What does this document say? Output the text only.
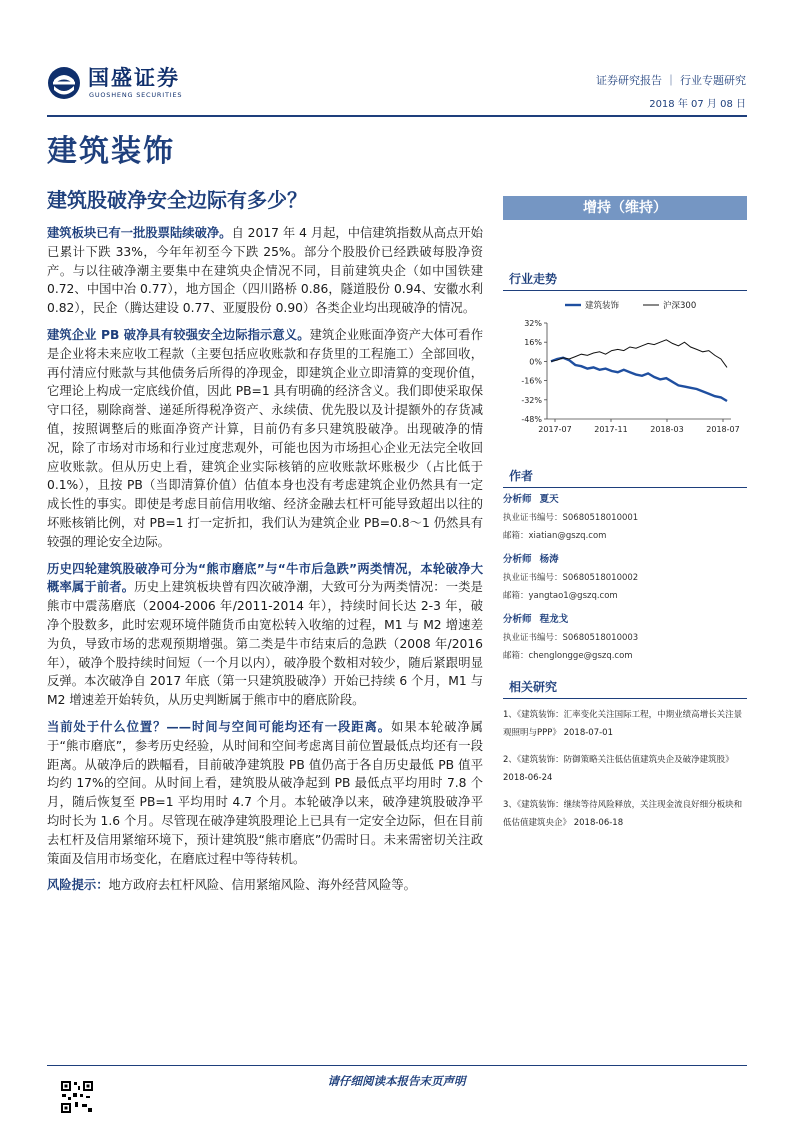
国盛证券
GUOSHENG SECURITIES
证券研究报告 ｜ 行业专题研究
2018 年 07 月 08 日
建筑装饰
建筑股破净安全边际有多少？

建筑板块已有一批股票陆续破净。自 2017 年 4 月起，中信建筑指数从高点开始已累计下跌 33%，今年年初至今下跌 25%。部分个股股价已经跌破每股净资产。与以往破净潮主要集中在建筑央企情况不同，目前建筑央企（如中国铁建 0.72、中国中冶 0.77），地方国企（四川路桥 0.86，隧道股份 0.94、安徽水利 0.82），民企（腾达建设 0.77、亚厦股份 0.90）各类企业均出现破净的情况。

建筑企业 PB 破净具有较强安全边际指示意义。建筑企业账面净资产大体可看作是企业将未来应收工程款（主要包括应收账款和存货里的工程施工）全部回收，再付清应付账款与其他债务后所得的净现金，即建筑企业立即清算的变现价值，它理论上构成一定底线价值，因此 PB=1 具有明确的经济含义。我们即使采取保守口径，剔除商誉、递延所得税净资产、永续债、优先股以及计提额外的存货减值，按照调整后的账面净资产计算，目前仍有多只建筑股破净。出现破净的情况，除了市场对市场和行业过度悲观外，可能也因为市场担心企业无法完全收回应收账款。但从历史上看，建筑企业实际核销的应收账款坏账极少（占比低于 0.1%），且按 PB（当即清算价值）估值本身也没有考虑建筑企业仍然具有一定成长性的事实。即使是考虑目前信用收缩、经济金融去杠杆可能导致超出以往的坏账核销比例，对 PB=1 打一定折扣，我们认为建筑企业 PB=0.8～1 仍然具有较强的理论安全边际。

历史四轮建筑股破净可分为“熊市磨底”与“牛市后急跌”两类情况，本轮破净大概率属于前者。历史上建筑板块曾有四次破净潮，大致可分为两类情况：一类是熊市中震荡磨底（2004-2006 年/2011-2014 年），持续时间长达 2-3 年，破净个股数多，此时宏观环境伴随货币由宽松转入收缩的过程，M1 与 M2 增速差为负，导致市场的悲观预期增强。第二类是牛市结束后的急跌（2008 年/2016 年），破净个股持续时间短（一个月以内），破净股个数相对较少，随后紧跟明显反弹。本次破净自 2017 年底（第一只建筑股破净）开始已持续 6 个月，M1 与 M2 增速差开始转负，从历史判断属于熊市中的磨底阶段。

当前处于什么位置？——时间与空间可能均还有一段距离。如果本轮破净属于“熊市磨底”，参考历史经验，从时间和空间考虑离目前位置最低点均还有一段距离。从破净后的跌幅看，目前破净建筑股 PB 值仍高于各自历史最低 PB 值平均约 17%的空间。从时间上看，建筑股从破净起到 PB 最低点平均用时 7.8 个月，随后恢复至 PB=1 平均用时 4.7 个月。本轮破净以来，破净建筑股破净平均时长为 1.6 个月。尽管现在破净建筑股理论上已具有一定安全边际，但在目前去杠杆及信用紧缩环境下，预计建筑股“熊市磨底”仍需时日。未来需密切关注政策面及信用市场变化，在磨底过程中等待转机。

风险提示：地方政府去杠杆风险、信用紧缩风险、海外经营风险等。

增持（维持）
行业走势
32%
16%
0%
-16%
-32%
-48%
2017-07	2017-11	2018-03	2018-07
建筑装饰	沪深300
作者
分析师 夏天
执业证书编号：S0680518010001
邮箱：xiatian@gszq.com
分析师 杨涛
执业证书编号：S0680518010002
邮箱：yangtao1@gszq.com
分析师 程龙戈
执业证书编号：S0680518010003
邮箱：chenglongge@gszq.com
相关研究
1、《建筑装饰：汇率变化关注国际工程，中期业绩高增长关注景观照明与PPP》 2018-07-01
2、《建筑装饰：防御策略关注低估值建筑央企及破净建筑股》 2018-06-24
3、《建筑装饰：继续等待风险释放，关注现金流良好细分板块和低估值建筑央企》 2018-06-18
请仔细阅读本报告末页声明
